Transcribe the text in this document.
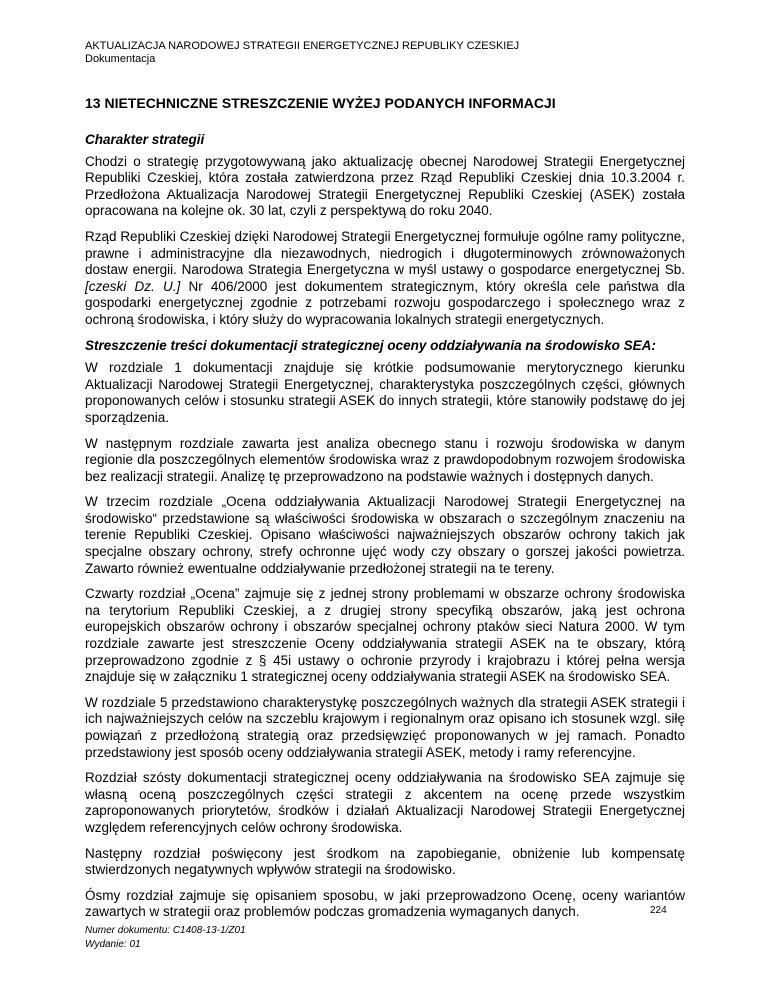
AKTUALIZACJA NARODOWEJ STRATEGII ENERGETYCZNEJ REPUBLIKY CZESKIEJ
Dokumentacja
13 NIETECHNICZNE STRESZCZENIE WYŻEJ PODANYCH INFORMACJI
Charakter strategii

Chodzi o strategię przygotowywaną jako aktualizację obecnej Narodowej Strategii Energetycznej Republiki Czeskiej, która została zatwierdzona przez Rząd Republiki Czeskiej dnia 10.3.2004 r. Przedłożona Aktualizacja Narodowej Strategii Energetycznej Republiki Czeskiej (ASEK) została opracowana na kolejne ok. 30 lat, czyli z perspektywą do roku 2040.

Rząd Republiki Czeskiej dzięki Narodowej Strategii Energetycznej formułuje ogólne ramy polityczne, prawne i administracyjne dla niezawodnych, niedrogich i długoterminowych zrównoważonych dostaw energii. Narodowa Strategia Energetyczna w myśl ustawy o gospodarce energetycznej Sb. [czeski Dz. U.] Nr 406/2000 jest dokumentem strategicznym, który określa cele państwa dla gospodarki energetycznej zgodnie z potrzebami rozwoju gospodarczego i społecznego wraz z ochroną środowiska, i który służy do wypracowania lokalnych strategii energetycznych.

Streszczenie treści dokumentacji strategicznej oceny oddziaływania na środowisko SEA:

W rozdziale 1 dokumentacji znajduje się krótkie podsumowanie merytorycznego kierunku Aktualizacji Narodowej Strategii Energetycznej, charakterystyka poszczególnych części, głównych proponowanych celów i stosunku strategii ASEK do innych strategii, które stanowiły podstawę do jej sporządzenia.

W następnym rozdziale zawarta jest analiza obecnego stanu i rozwoju środowiska w danym regionie dla poszczególnych elementów środowiska wraz z prawdopodobnym rozwojem środowiska bez realizacji strategii. Analizę tę przeprowadzono na podstawie ważnych i dostępnych danych.

W trzecim rozdziale „Ocena oddziaływania Aktualizacji Narodowej Strategii Energetycznej na środowisko“ przedstawione są właściwości środowiska w obszarach o szczególnym znaczeniu na terenie Republiki Czeskiej. Opisano właściwości najważniejszych obszarów ochrony takich jak specjalne obszary ochrony, strefy ochronne ujęć wody czy obszary o gorszej jakości powietrza. Zawarto również ewentualne oddziaływanie przedłożonej strategii na te tereny.

Czwarty rozdział „Ocena” zajmuje się z jednej strony problemami w obszarze ochrony środowiska na terytorium Republiki Czeskiej, a z drugiej strony specyfiką obszarów, jaką jest ochrona europejskich obszarów ochrony i obszarów specjalnej ochrony ptaków sieci Natura 2000. W tym rozdziale zawarte jest streszczenie Oceny oddziaływania strategii ASEK na te obszary, którą przeprowadzono zgodnie z § 45i ustawy o ochronie przyrody i krajobrazu i której pełna wersja znajduje się w załączniku 1 strategicznej oceny oddziaływania strategii ASEK na środowisko SEA.

W rozdziale 5 przedstawiono charakterystykę poszczególnych ważnych dla strategii ASEK strategii i ich najważniejszych celów na szczeblu krajowym i regionalnym oraz opisano ich stosunek wzgl. siłę powiązań z przedłożoną strategią oraz przedsięwzięć proponowanych w jej ramach. Ponadto przedstawiony jest sposób oceny oddziaływania strategii ASEK, metody i ramy referencyjne.

Rozdział szósty dokumentacji strategicznej oceny oddziaływania na środowisko SEA zajmuje się własną oceną poszczególnych części strategii z akcentem na ocenę przede wszystkim zaproponowanych priorytetów, środków i działań Aktualizacji Narodowej Strategii Energetycznej względem referencyjnych celów ochrony środowiska.

Następny rozdział poświęcony jest środkom na zapobieganie, obniżenie lub kompensatę stwierdzonych negatywnych wpływów strategii na środowisko.

Ósmy rozdział zajmuje się opisaniem sposobu, w jaki przeprowadzono Ocenę, oceny wariantów zawartych w strategii oraz problemów podczas gromadzenia wymaganych danych.	224
Numer dokumentu: C1408-13-1/Z01
Wydanie: 01
